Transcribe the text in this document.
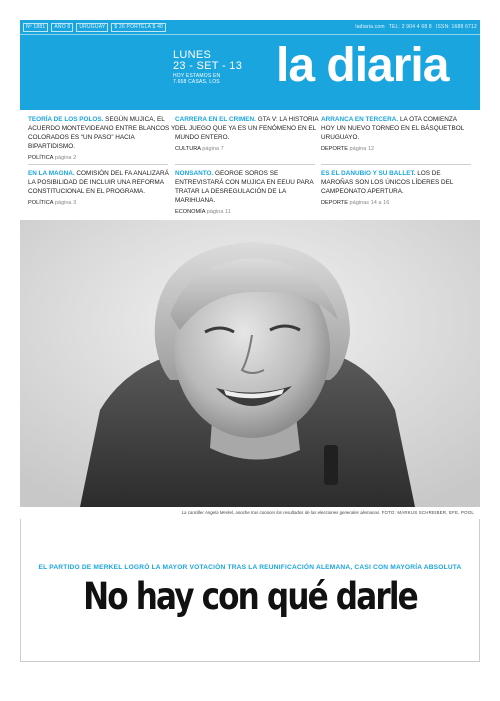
Nº 1881	AÑO 8	URUGUAY	$ 26 PORTELA $ 40	ladiaria.com TEL: 2 904 4 68 8 ISSN: 1688 6712
LUNES
23 - SET - 13
HOY ESTAMOS EN
7.658 CASAS, LOS	la diaria
TEORÍA DE LOS POLOS. SEGÚN MUJICA, EL ACUERDO MONTEVIDEANO ENTRE BLANCOS Y COLORADOS ES “UN PASO” HACIA BIPARTIDISMO.
POLÍTICA página 2
CARRERA EN EL CRIMEN. GTA V: LA HISTORIA DEL JUEGO QUE YA ES UN FENÓMENO EN EL MUNDO ENTERO.
CULTURA página 7
ARRANCA EN TERCERA. LA OTA COMIENZA HOY UN NUEVO TORNEO EN EL BÁSQUETBOL URUGUAYO.
DEPORTE página 12
EN LA MAGNA. COMISIÓN DEL FA ANALIZARÁ LA POSIBILIDAD DE INCLUIR UNA REFORMA CONSTITUCIONAL EN EL PROGRAMA.
POLÍTICA página 3
NONSANTO. GEORGE SOROS SE ENTREVISTARÁ CON MUJICA EN EEUU PARA TRATAR LA DESREGULACIÓN DE LA MARIHUANA.
ECONOMÍA página 11
ES EL DANUBIO Y SU BALLET. LOS DE MAROÑAS SON LOS ÚNICOS LÍDERES DEL CAMPEONATO APERTURA.
DEPORTE páginas 14 a 16
La canciller Angela Merkel, anoche tras conocer los resultados de las elecciones generales alemanas. FOTO: MARKUS SCHREIBER, EFE, POOL
EL PARTIDO DE MERKEL LOGRÓ LA MAYOR VOTACIÓN TRAS LA REUNIFICACIÓN ALEMANA, CASI CON MAYORÍA ABSOLUTA
No hay con qué darle
